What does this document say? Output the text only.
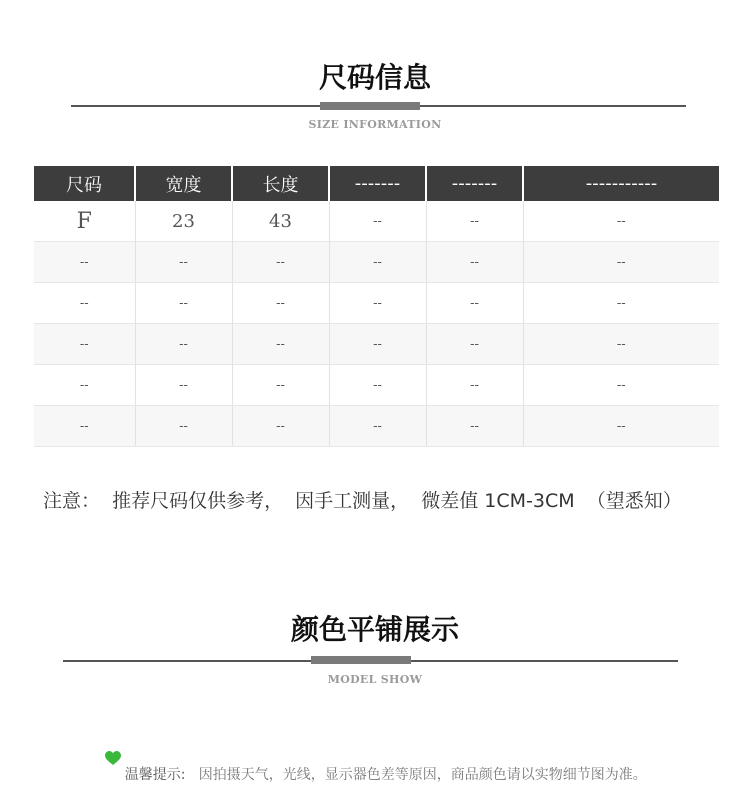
尺码信息
SIZE INFORMATION
尺码	宽度	长度	-------	-------	-----------
F	23	43	--	--	--
--	--	--	--	--	--
--	--	--	--	--	--
--	--	--	--	--	--
--	--	--	--	--	--
--	--	--	--	--	--
注意：  推荐尺码仅供参考，  因手工测量，  微差值 1CM-3CM  （望悉知）
颜色平铺展示
MODEL SHOW

温馨提示:   因拍摄天气，光线，显示器色差等原因，商品颜色请以实物细节图为准。
